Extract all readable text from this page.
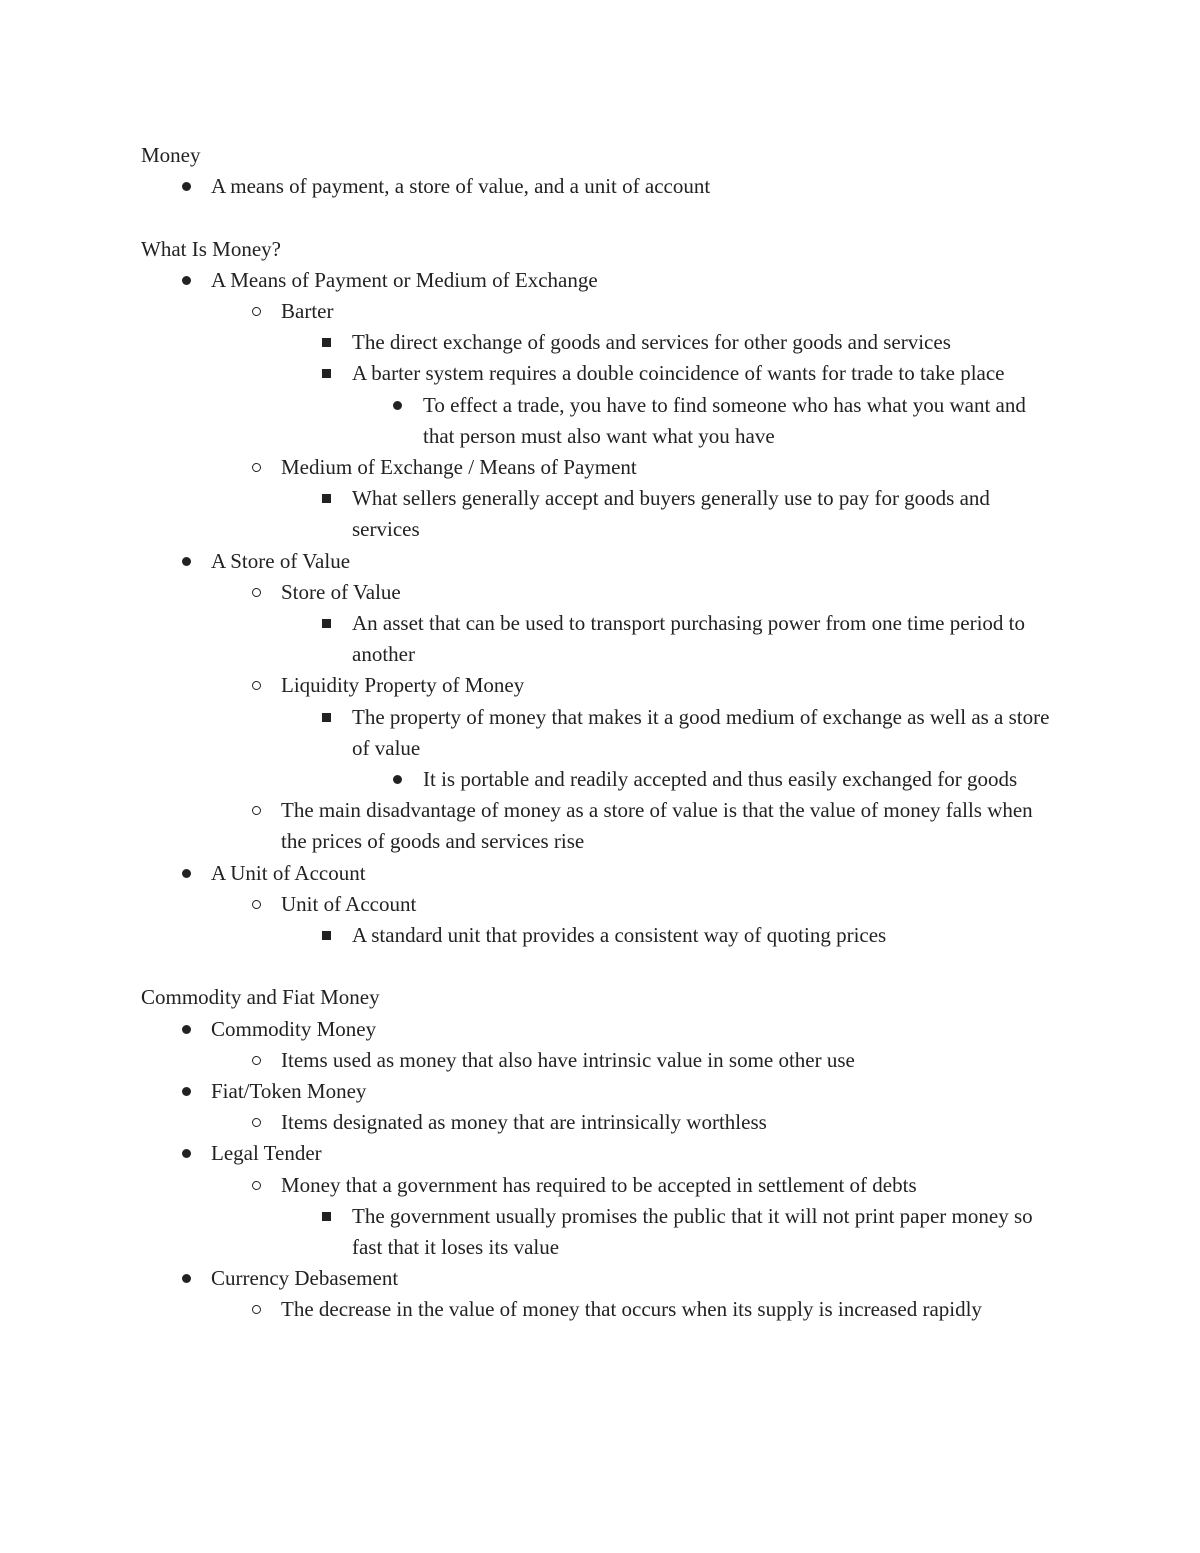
Money
A means of payment, a store of value, and a unit of account
What Is Money?
A Means of Payment or Medium of Exchange
Barter
The direct exchange of goods and services for other goods and services
A barter system requires a double coincidence of wants for trade to take place
To effect a trade, you have to find someone who has what you want and that person must also want what you have
Medium of Exchange / Means of Payment
What sellers generally accept and buyers generally use to pay for goods and services
A Store of Value
Store of Value
An asset that can be used to transport purchasing power from one time period to another
Liquidity Property of Money
The property of money that makes it a good medium of exchange as well as a store of value
It is portable and readily accepted and thus easily exchanged for goods
The main disadvantage of money as a store of value is that the value of money falls when the prices of goods and services rise
A Unit of Account
Unit of Account
A standard unit that provides a consistent way of quoting prices
Commodity and Fiat Money
Commodity Money
Items used as money that also have intrinsic value in some other use
Fiat/Token Money
Items designated as money that are intrinsically worthless
Legal Tender
Money that a government has required to be accepted in settlement of debts
The government usually promises the public that it will not print paper money so fast that it loses its value
Currency Debasement
The decrease in the value of money that occurs when its supply is increased rapidly
